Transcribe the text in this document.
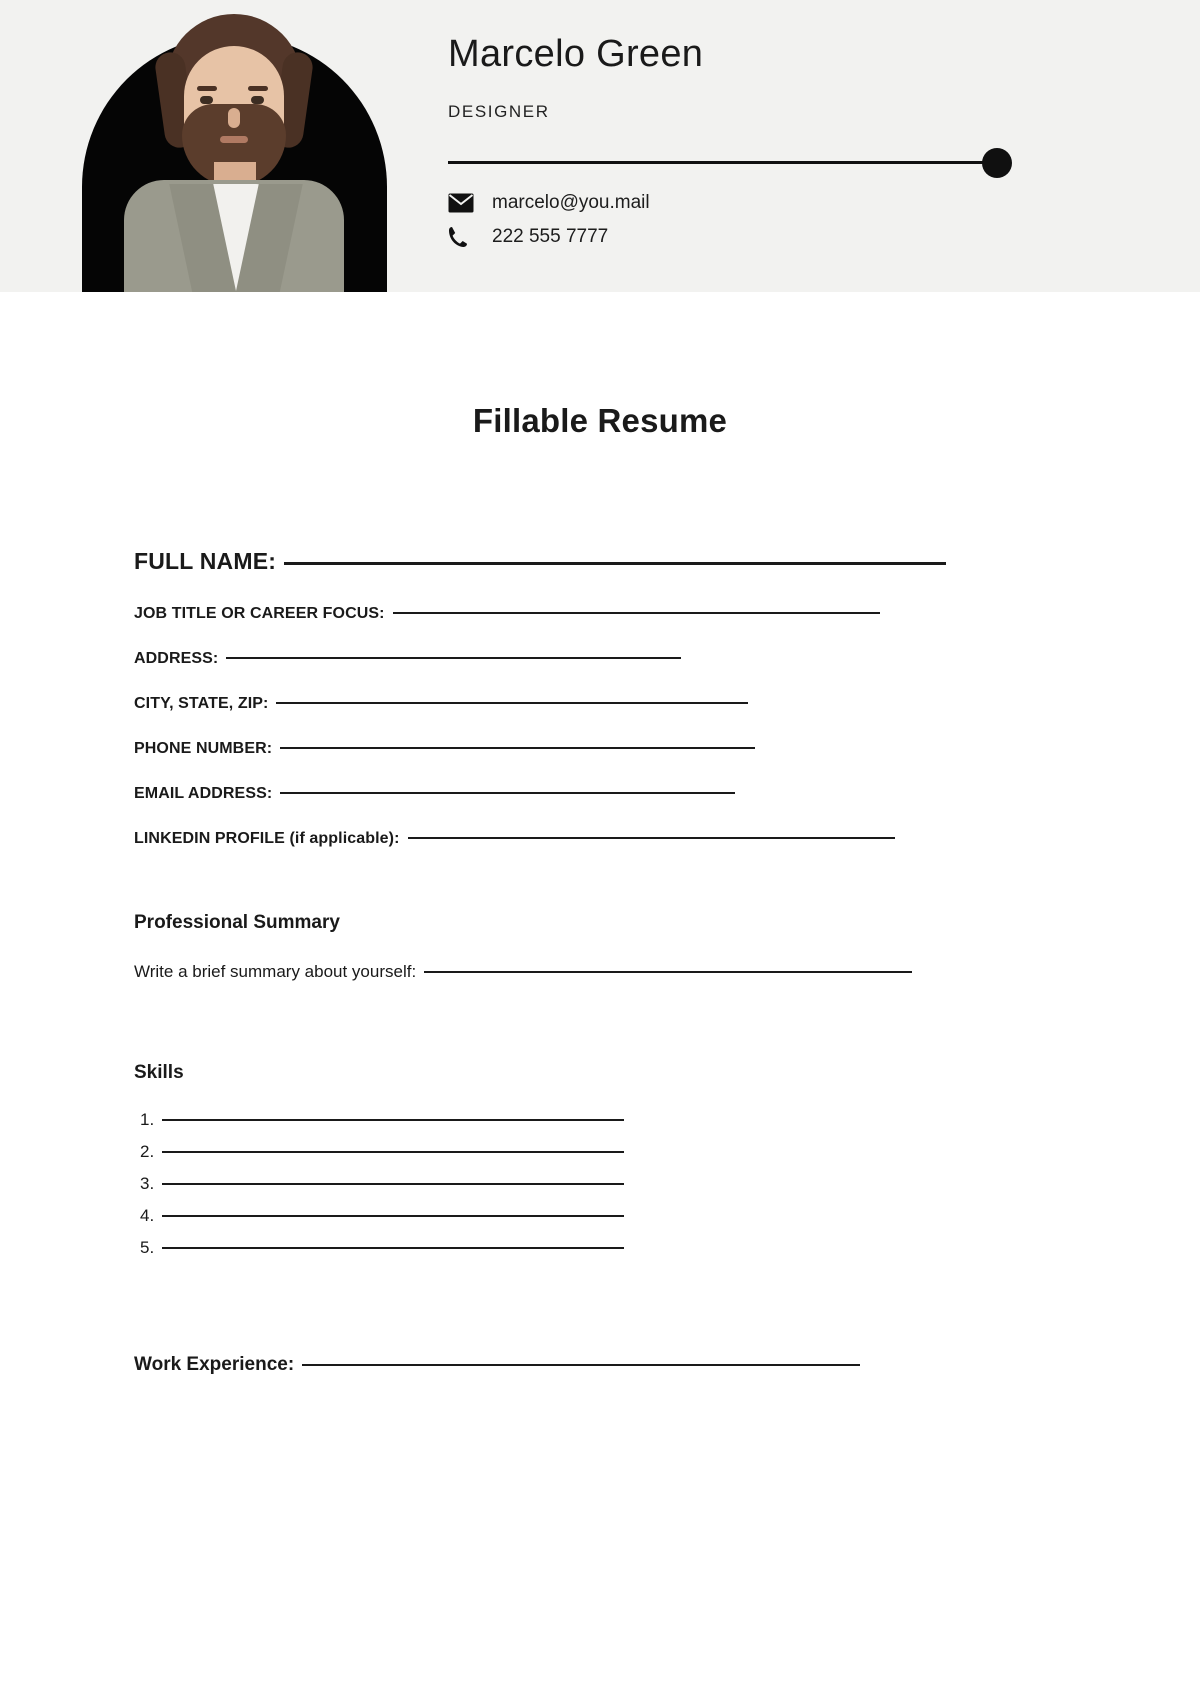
Marcelo Green
DESIGNER
marcelo@you.mail
222 555 7777
Fillable Resume
FULL NAME:
JOB TITLE OR CAREER FOCUS:
ADDRESS:
CITY, STATE, ZIP:
PHONE NUMBER:
EMAIL ADDRESS:
LINKEDIN PROFILE (if applicable):
Professional Summary
Write a brief summary about yourself:
Skills
1.
2.
3.
4.
5.
Work Experience:
